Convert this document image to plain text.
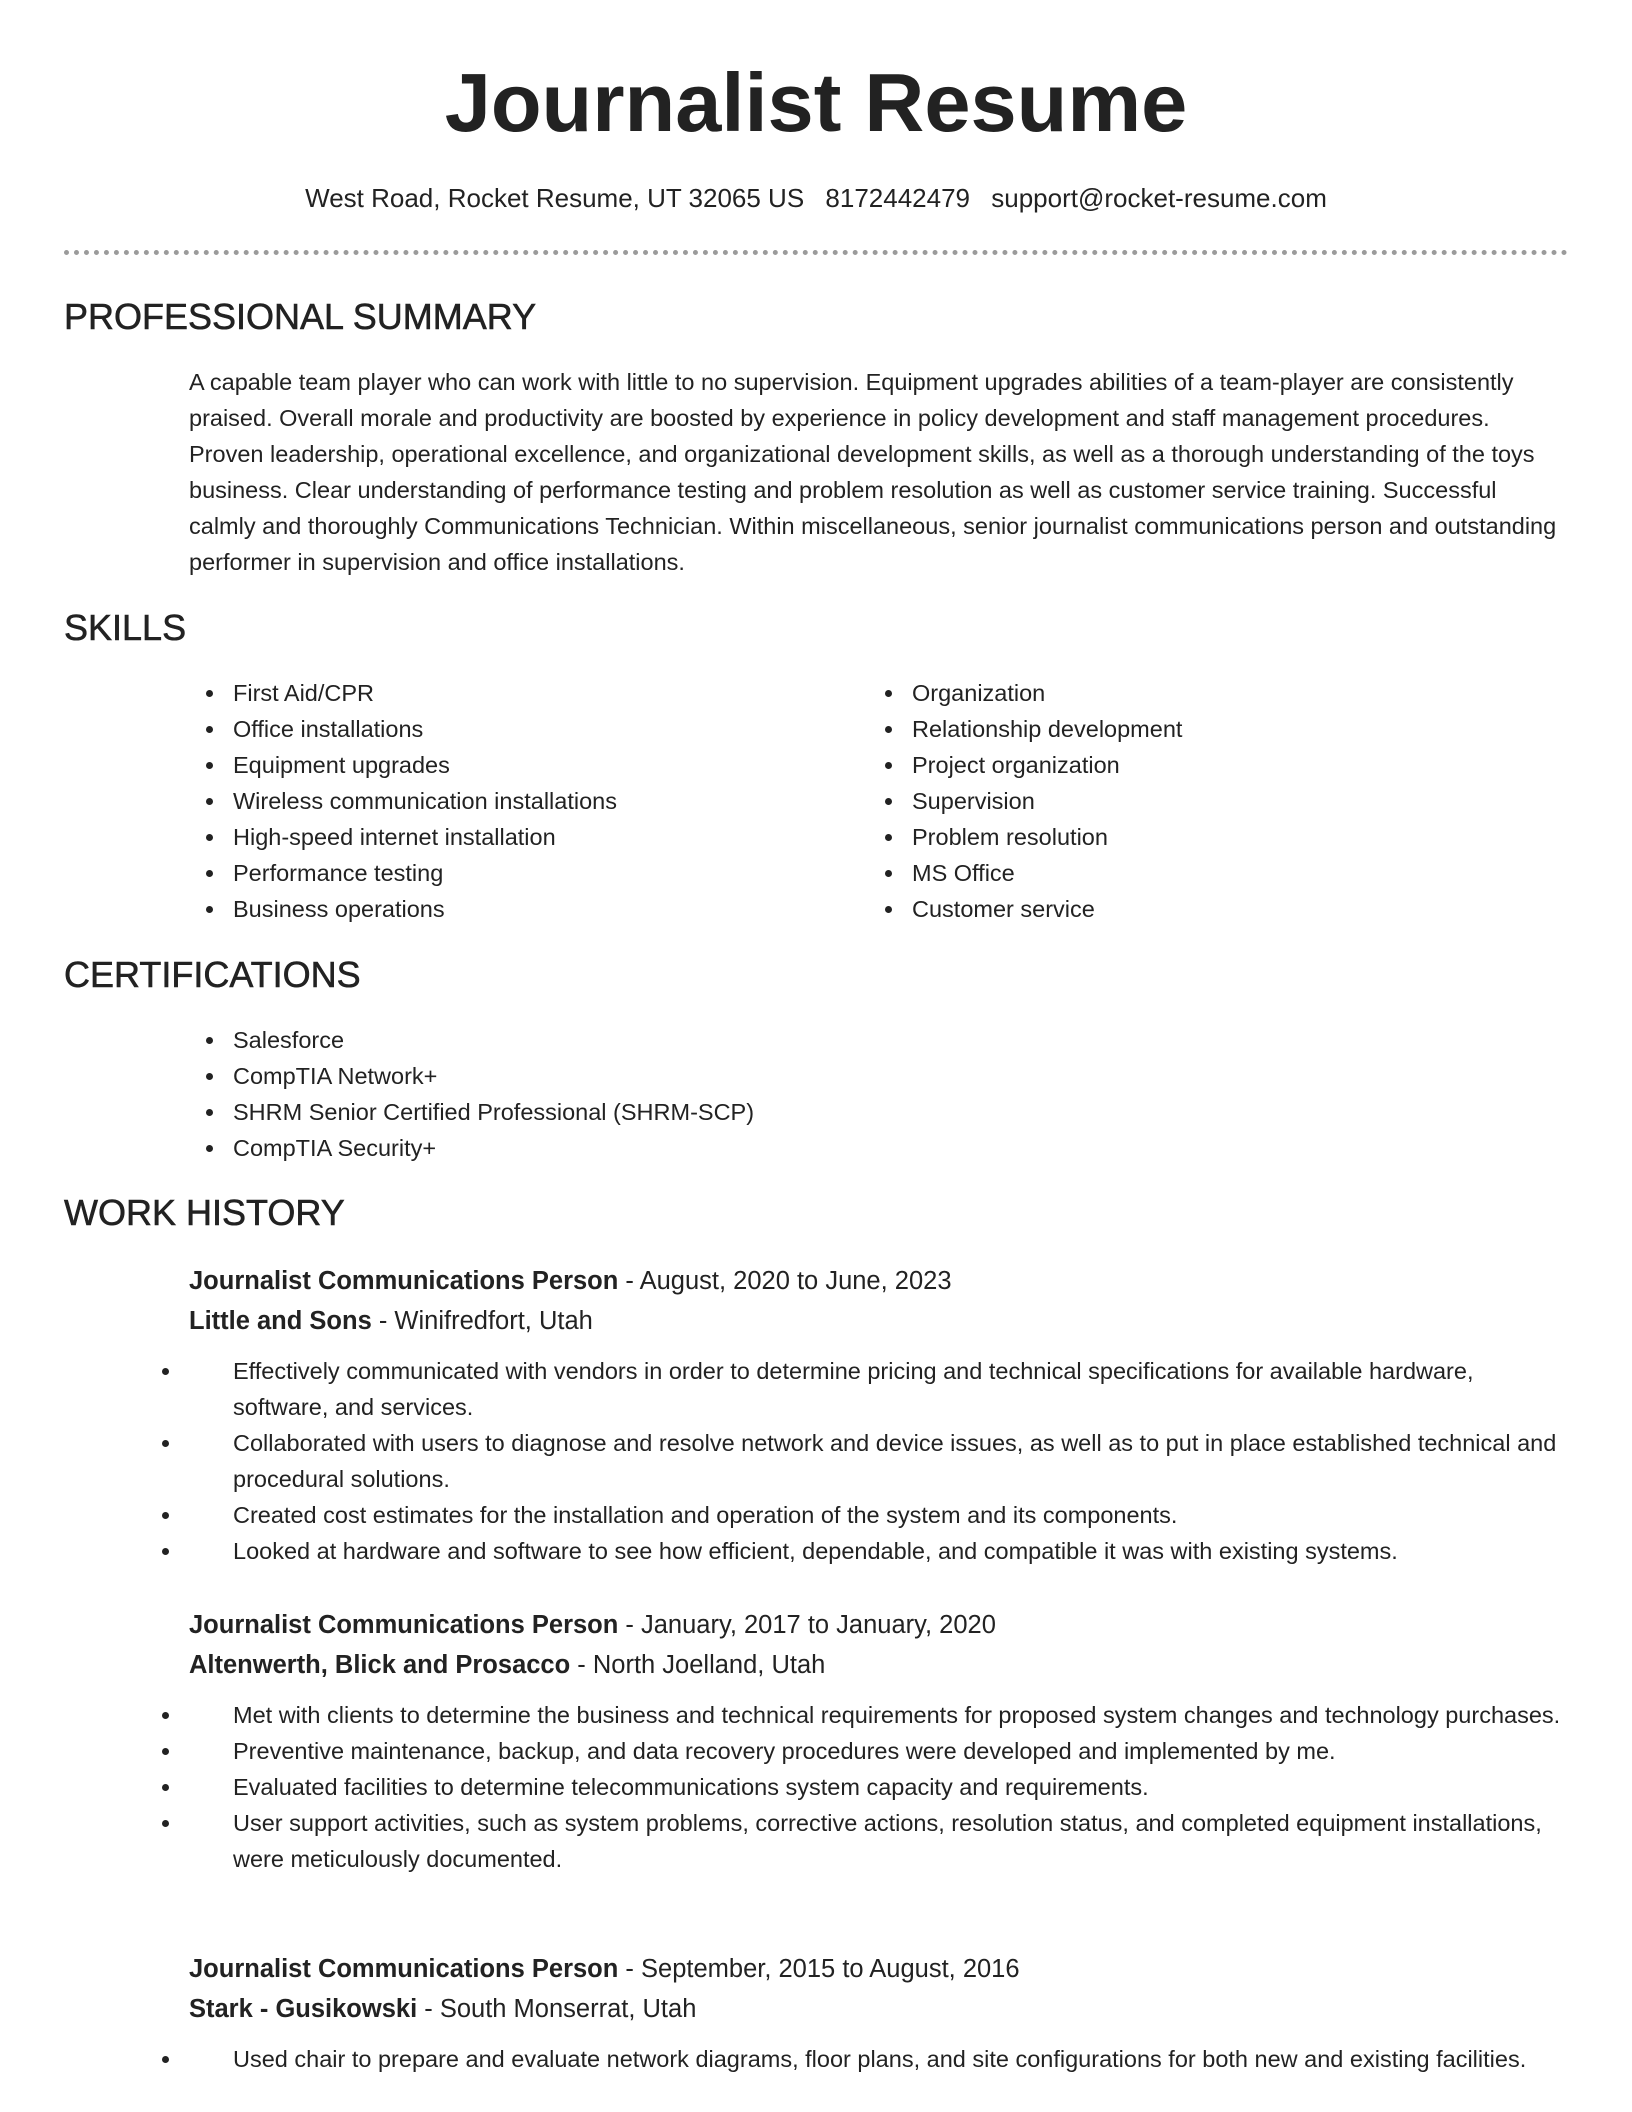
Journalist Resume
West Road, Rocket Resume, UT 32065 US 8172442479 support@rocket-resume.com
PROFESSIONAL SUMMARY

A capable team player who can work with little to no supervision. Equipment upgrades abilities of a team-player are consistently praised. Overall morale and productivity are boosted by experience in policy development and staff management procedures. Proven leadership, operational excellence, and organizational development skills, as well as a thorough understanding of the toys business. Clear understanding of performance testing and problem resolution as well as customer service training. Successful calmly and thoroughly Communications Technician. Within miscellaneous, senior journalist communications person and outstanding performer in supervision and office installations.

SKILLS
First Aid/CPR
Office installations
Equipment upgrades
Wireless communication installations
High-speed internet installation
Performance testing
Business operations
Organization
Relationship development
Project organization
Supervision
Problem resolution
MS Office
Customer service
CERTIFICATIONS
Salesforce
CompTIA Network+
SHRM Senior Certified Professional (SHRM-SCP)
CompTIA Security+
WORK HISTORY
Journalist Communications Person - August, 2020 to June, 2023
Little and Sons - Winifredfort, Utah
Effectively communicated with vendors in order to determine pricing and technical specifications for available hardware, software, and services.
Collaborated with users to diagnose and resolve network and device issues, as well as to put in place established technical and procedural solutions.
Created cost estimates for the installation and operation of the system and its components.
Looked at hardware and software to see how efficient, dependable, and compatible it was with existing systems.
Journalist Communications Person - January, 2017 to January, 2020
Altenwerth, Blick and Prosacco - North Joelland, Utah
Met with clients to determine the business and technical requirements for proposed system changes and technology purchases.
Preventive maintenance, backup, and data recovery procedures were developed and implemented by me.
Evaluated facilities to determine telecommunications system capacity and requirements.
User support activities, such as system problems, corrective actions, resolution status, and completed equipment installations, were meticulously documented.
Journalist Communications Person - September, 2015 to August, 2016
Stark - Gusikowski - South Monserrat, Utah
Used chair to prepare and evaluate network diagrams, floor plans, and site configurations for both new and existing facilities.
